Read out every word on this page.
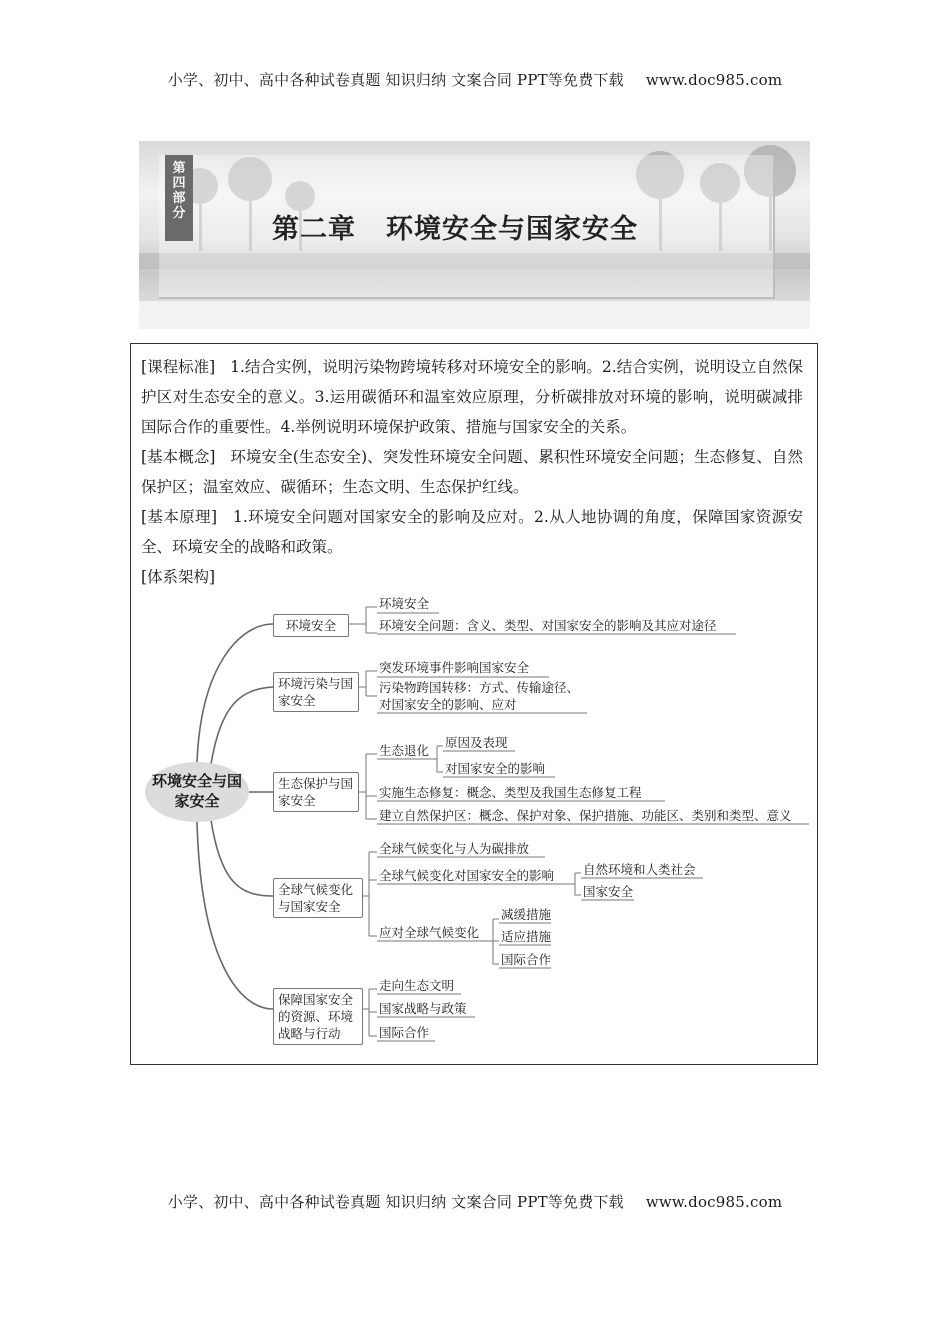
小学、初中、高中各种试卷真题 知识归纳 文案合同 PPT等免费下载 www.doc985.com
第
四
部
分
第二章 环境安全与国家安全

[课程标准] 1.结合实例，说明污染物跨境转移对环境安全的影响。2.结合实例，说明设立自然保护区对生态安全的意义。3.运用碳循环和温室效应原理，分析碳排放对环境的影响，说明碳减排国际合作的重要性。4.举例说明环境保护政策、措施与国家安全的关系。

[基本概念] 环境安全(生态安全)、突发性环境安全问题、累积性环境安全问题；生态修复、自然保护区；温室效应、碳循环；生态文明、生态保护红线。

[基本原理] 1.环境安全问题对国家安全的影响及应对。2.从人地协调的角度，保障国家资源安全、环境安全的战略和政策。

[体系架构]

环境安全与国家安全
环境安全
环境安全
环境安全问题：含义、类型、对国家安全的影响及其应对途径
环境污染与国家安全
突发环境事件影响国家安全
污染物跨国转移：方式、传输途径、
对国家安全的影响、应对
生态保护与国家安全
生态退化
原因及表现
对国家安全的影响
实施生态修复：概念、类型及我国生态修复工程
建立自然保护区：概念、保护对象、保护措施、功能区、类别和类型、意义
全球气候变化与国家安全
全球气候变化与人为碳排放
全球气候变化对国家安全的影响 自然环境和人类社会
国家安全
应对全球气候变化
减缓措施
适应措施
国际合作
保障国家安全的资源、环境战略与行动
走向生态文明
国家战略与政策
国际合作
小学、初中、高中各种试卷真题 知识归纳 文案合同 PPT等免费下载 www.doc985.com
